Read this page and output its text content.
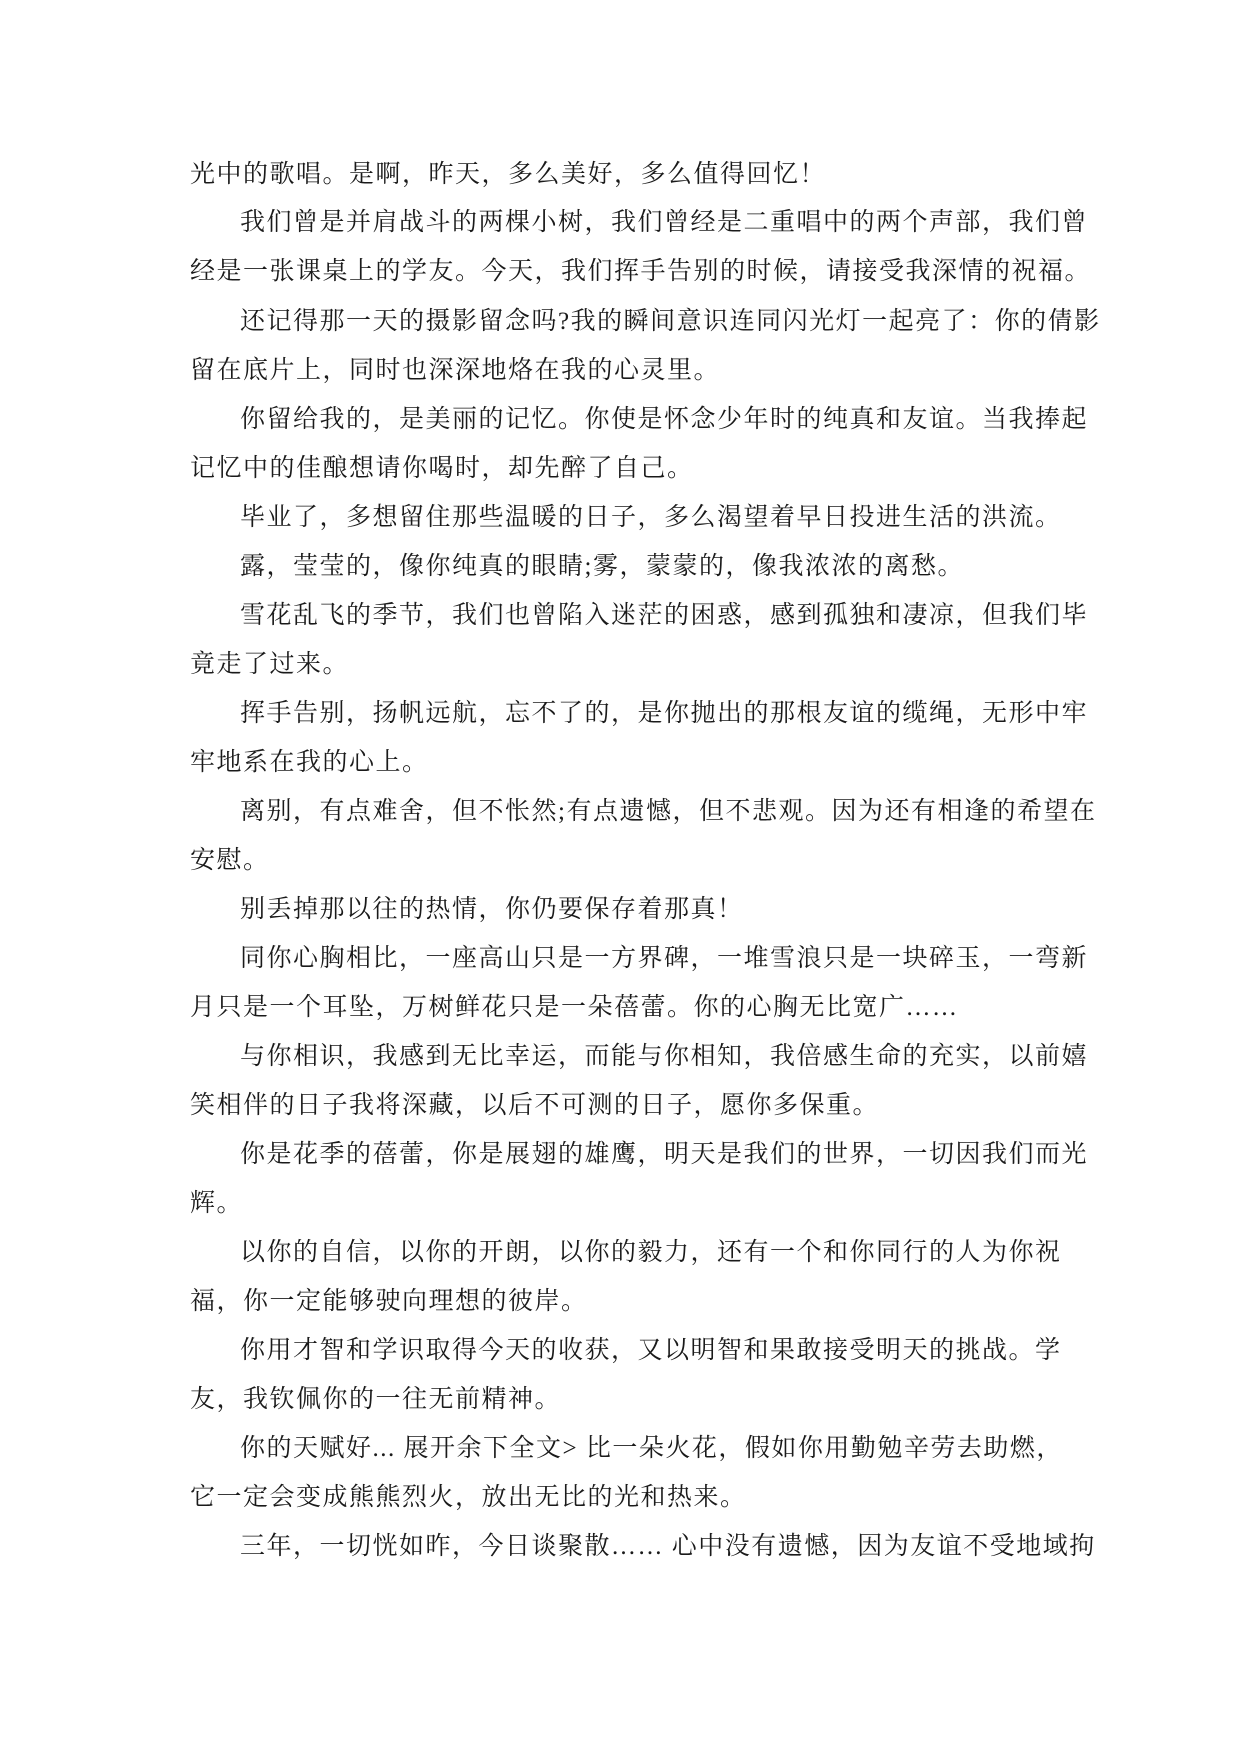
光中的歌唱。是啊，昨天，多么美好，多么值得回忆！

我们曾是并肩战斗的两棵小树，我们曾经是二重唱中的两个声部，我们曾

经是一张课桌上的学友。今天，我们挥手告别的时候，请接受我深情的祝福。

还记得那一天的摄影留念吗?我的瞬间意识连同闪光灯一起亮了：你的倩影

留在底片上，同时也深深地烙在我的心灵里。

你留给我的，是美丽的记忆。你使是怀念少年时的纯真和友谊。当我捧起

记忆中的佳酿想请你喝时，却先醉了自己。

毕业了，多想留住那些温暖的日子，多么渴望着早日投进生活的洪流。

露，莹莹的，像你纯真的眼睛;雾，蒙蒙的，像我浓浓的离愁。

雪花乱飞的季节，我们也曾陷入迷茫的困惑，感到孤独和凄凉，但我们毕

竟走了过来。

挥手告别，扬帆远航，忘不了的，是你抛出的那根友谊的缆绳，无形中牢

牢地系在我的心上。

离别，有点难舍，但不怅然;有点遗憾，但不悲观。因为还有相逢的希望在

安慰。

别丢掉那以往的热情，你仍要保存着那真！

同你心胸相比，一座高山只是一方界碑，一堆雪浪只是一块碎玉，一弯新

月只是一个耳坠，万树鲜花只是一朵蓓蕾。你的心胸无比宽广……

与你相识，我感到无比幸运，而能与你相知，我倍感生命的充实，以前嬉

笑相伴的日子我将深藏，以后不可测的日子，愿你多保重。

你是花季的蓓蕾，你是展翅的雄鹰，明天是我们的世界，一切因我们而光

辉。

以你的自信，以你的开朗，以你的毅力，还有一个和你同行的人为你祝

福，你一定能够驶向理想的彼岸。

你用才智和学识取得今天的收获，又以明智和果敢接受明天的挑战。学

友，我钦佩你的一往无前精神。

你的天赋好... 展开余下全文> 比一朵火花，假如你用勤勉辛劳去助燃，

它一定会变成熊熊烈火，放出无比的光和热来。

三年，一切恍如昨，今日谈聚散…… 心中没有遗憾，因为友谊不受地域拘
